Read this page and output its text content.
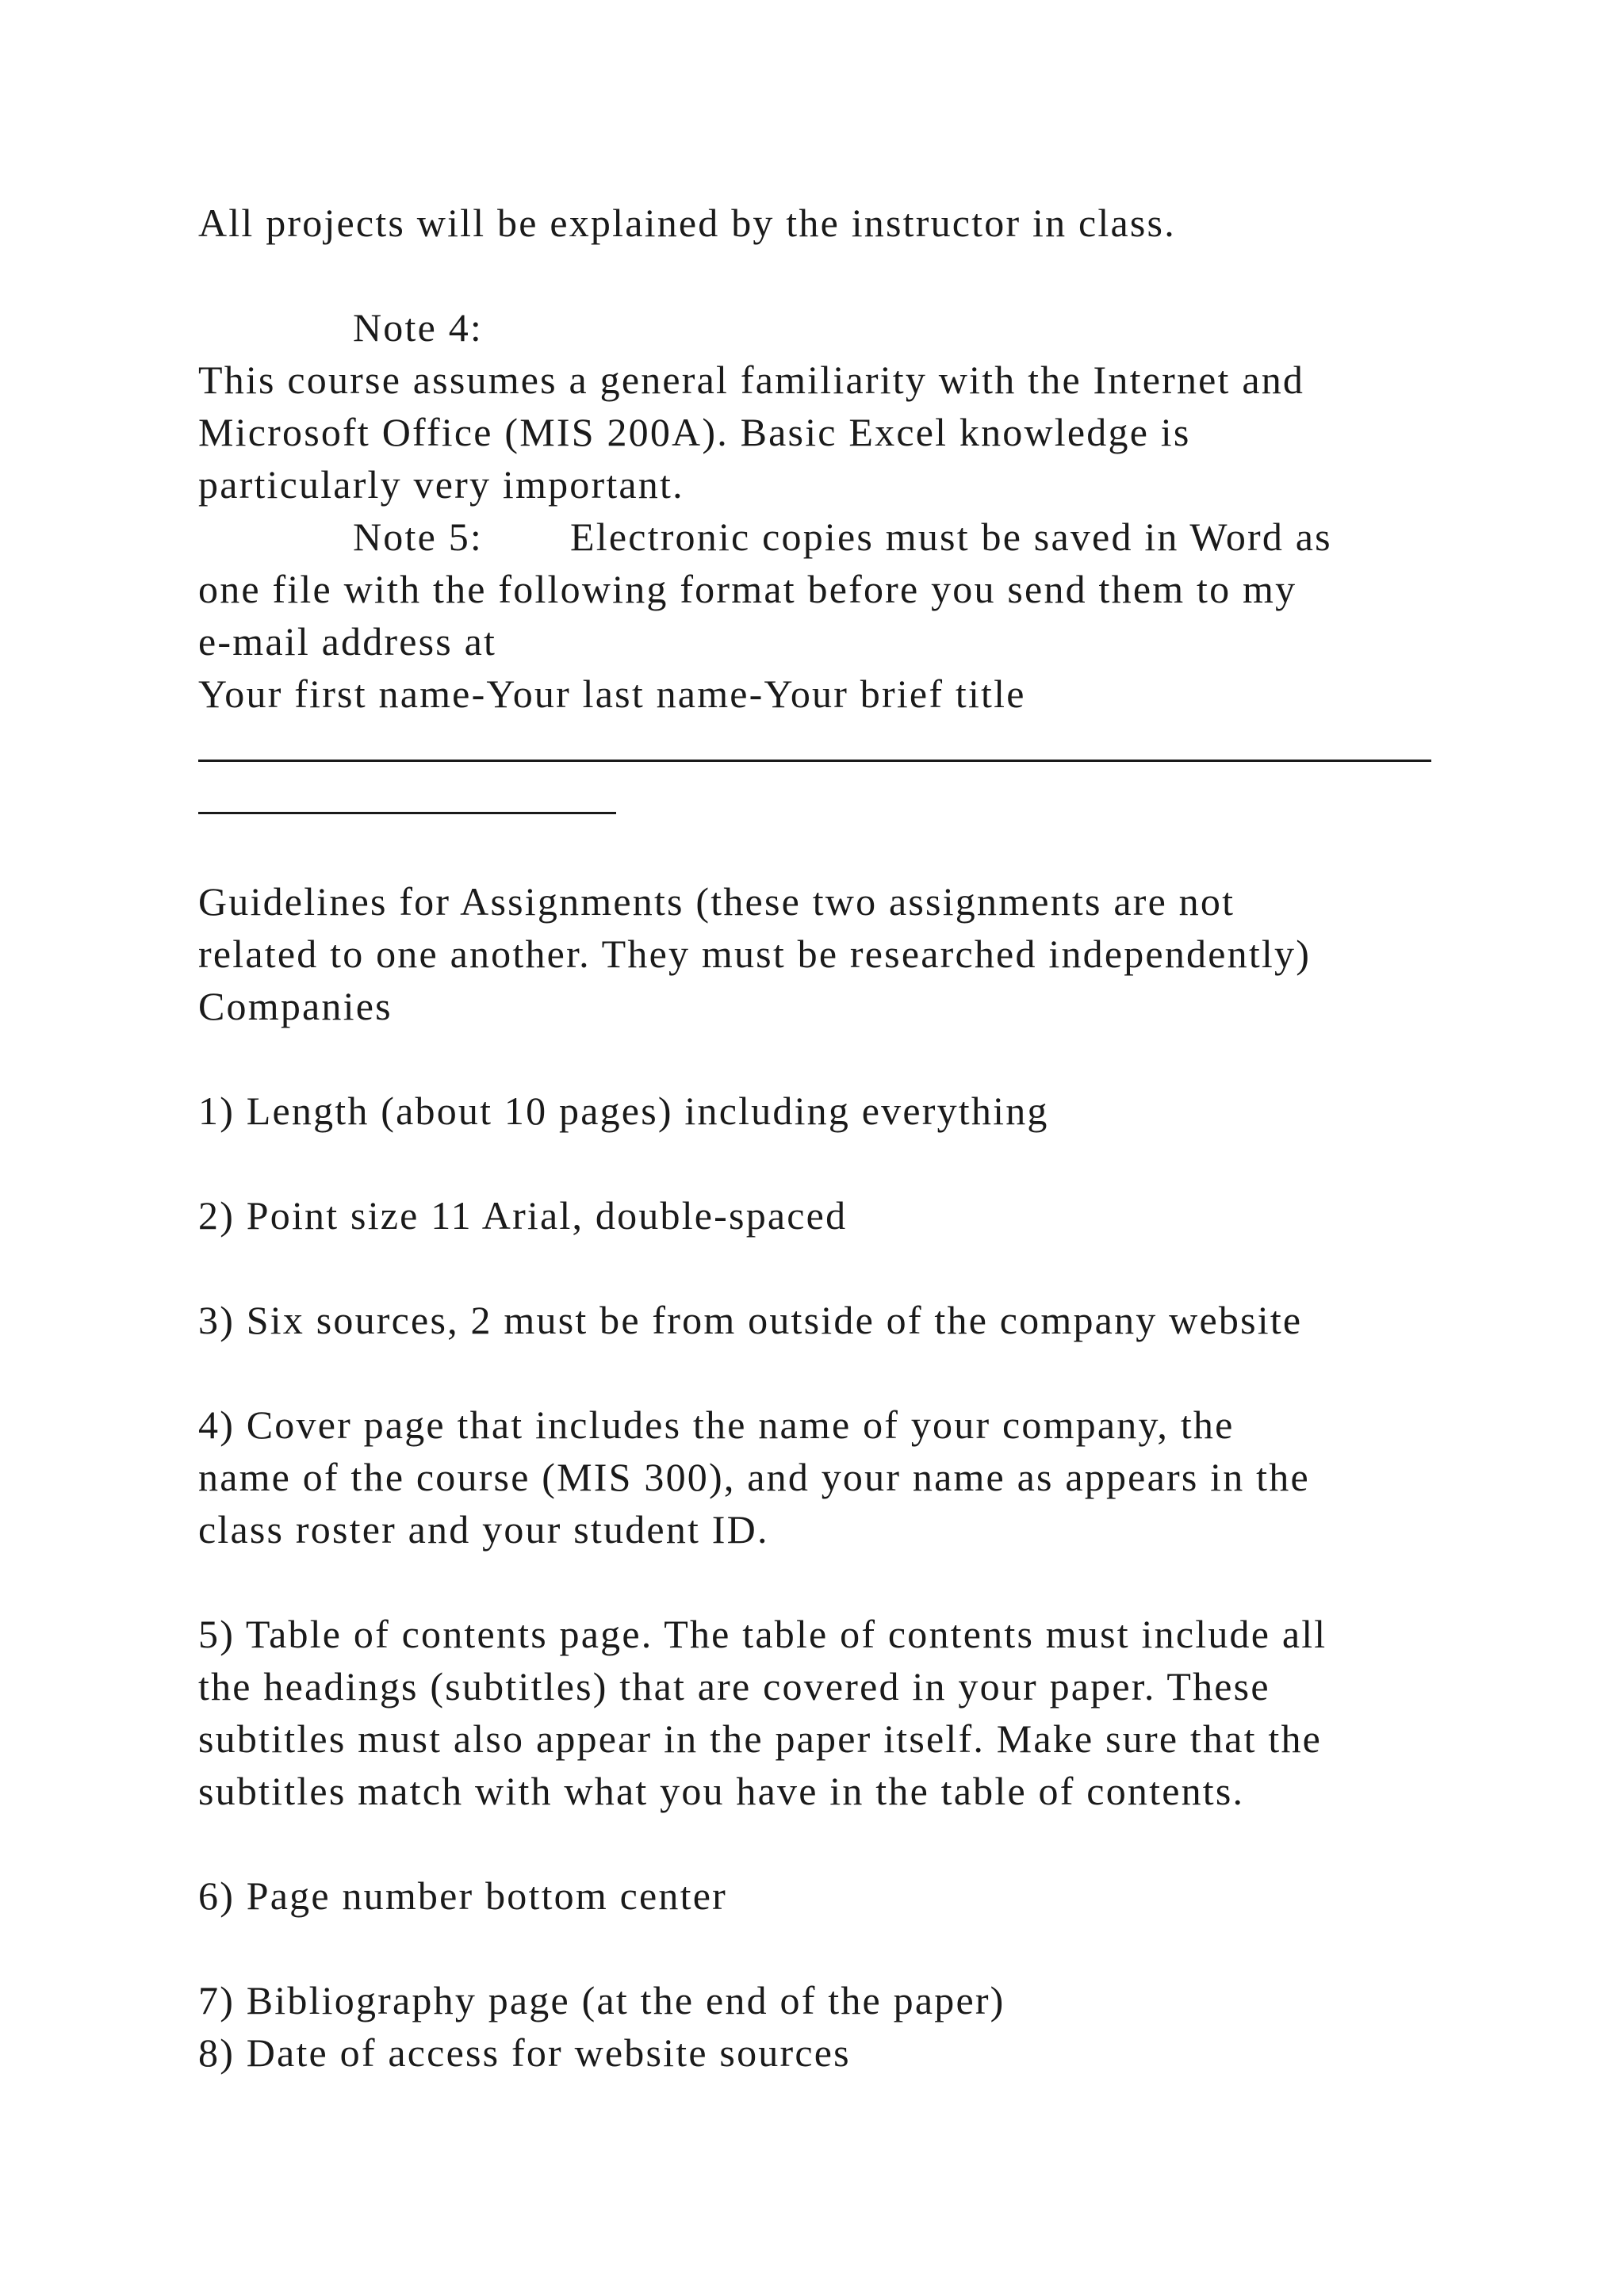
All projects will be explained by the instructor in class.
Note 4:
This course assumes a general familiarity with the Internet and
Microsoft Office (MIS 200A). Basic Excel knowledge is
particularly very important.
Note 5: Electronic copies must be saved in Word as
one file with the following format before you send them to my
e-mail address at
Your first name-Your last name-Your brief title
Guidelines for Assignments (these two assignments are not
related to one another. They must be researched independently)
Companies
1) Length (about 10 pages) including everything
2) Point size 11 Arial, double-spaced
3) Six sources, 2 must be from outside of the company website
4) Cover page that includes the name of your company, the
name of the course (MIS 300), and your name as appears in the
class roster and your student ID.
5) Table of contents page. The table of contents must include all
the headings (subtitles) that are covered in your paper. These
subtitles must also appear in the paper itself. Make sure that the
subtitles match with what you have in the table of contents.
6) Page number bottom center
7) Bibliography page (at the end of the paper)
8) Date of access for website sources
